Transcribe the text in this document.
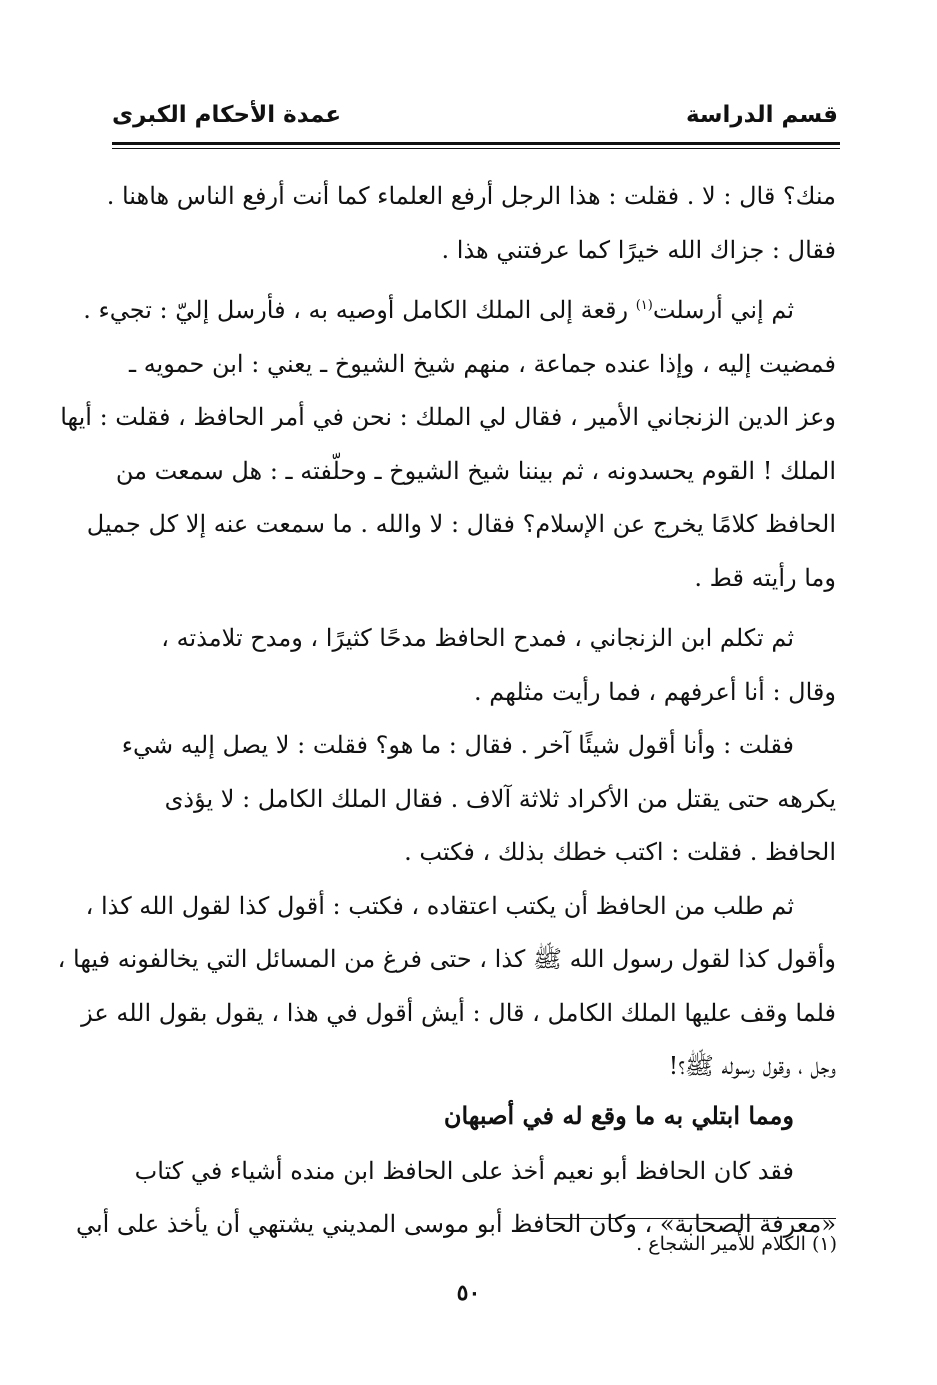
قسم الدراسة
عمدة الأحكام الكبرى
منك؟ قال : لا . فقلت : هذا الرجل أرفع العلماء كما أنت أرفع الناس هاهنا .
فقال : جزاك الله خيرًا كما عرفتني هذا .
ثم إني أرسلت$^{(١)}$ رقعة إلى الملك الكامل أوصيه به ، فأرسل إليّ : تجيء .
فمضيت إليه ، وإذا عنده جماعة ، منهم شيخ الشيوخ ـ يعني : ابن حمويه ـ
وعز الدين الزنجاني الأمير ، فقال لي الملك : نحن في أمر الحافظ ، فقلت : أيها
الملك ! القوم يحسدونه ، ثم بيننا شيخ الشيوخ ـ وحلّفته ـ : هل سمعت من
الحافظ كلامًا يخرج عن الإسلام؟ فقال : لا والله . ما سمعت عنه إلا كل جميل
وما رأيته قط .
ثم تكلم ابن الزنجاني ، فمدح الحافظ مدحًا كثيرًا ، ومدح تلامذته ،
وقال : أنا أعرفهم ، فما رأيت مثلهم .
فقلت : وأنا أقول شيئًا آخر . فقال : ما هو؟ فقلت : لا يصل إليه شيء
يكرهه حتى يقتل من الأكراد ثلاثة آلاف . فقال الملك الكامل : لا يؤذى
الحافظ . فقلت : اكتب خطك بذلك ، فكتب .
ثم طلب من الحافظ أن يكتب اعتقاده ، فكتب : أقول كذا لقول الله كذا ،
وأقول كذا لقول رسول الله ﷺ كذا ، حتى فرغ من المسائل التي يخالفونه فيها ،
فلما وقف عليها الملك الكامل ، قال : أيش أقول في هذا ، يقول بقول الله عز
وجل ، وقول رسوله ﷺ؟!
ومما ابتلي به ما وقع له في أصبهان
فقد كان الحافظ أبو نعيم أخذ على الحافظ ابن منده أشياء في كتاب
«معرفة الصحابة» ، وكان الحافظ أبو موسى المديني يشتهي أن يأخذ على أبي
(١) الكلام للأمير الشجاع .
٥٠
